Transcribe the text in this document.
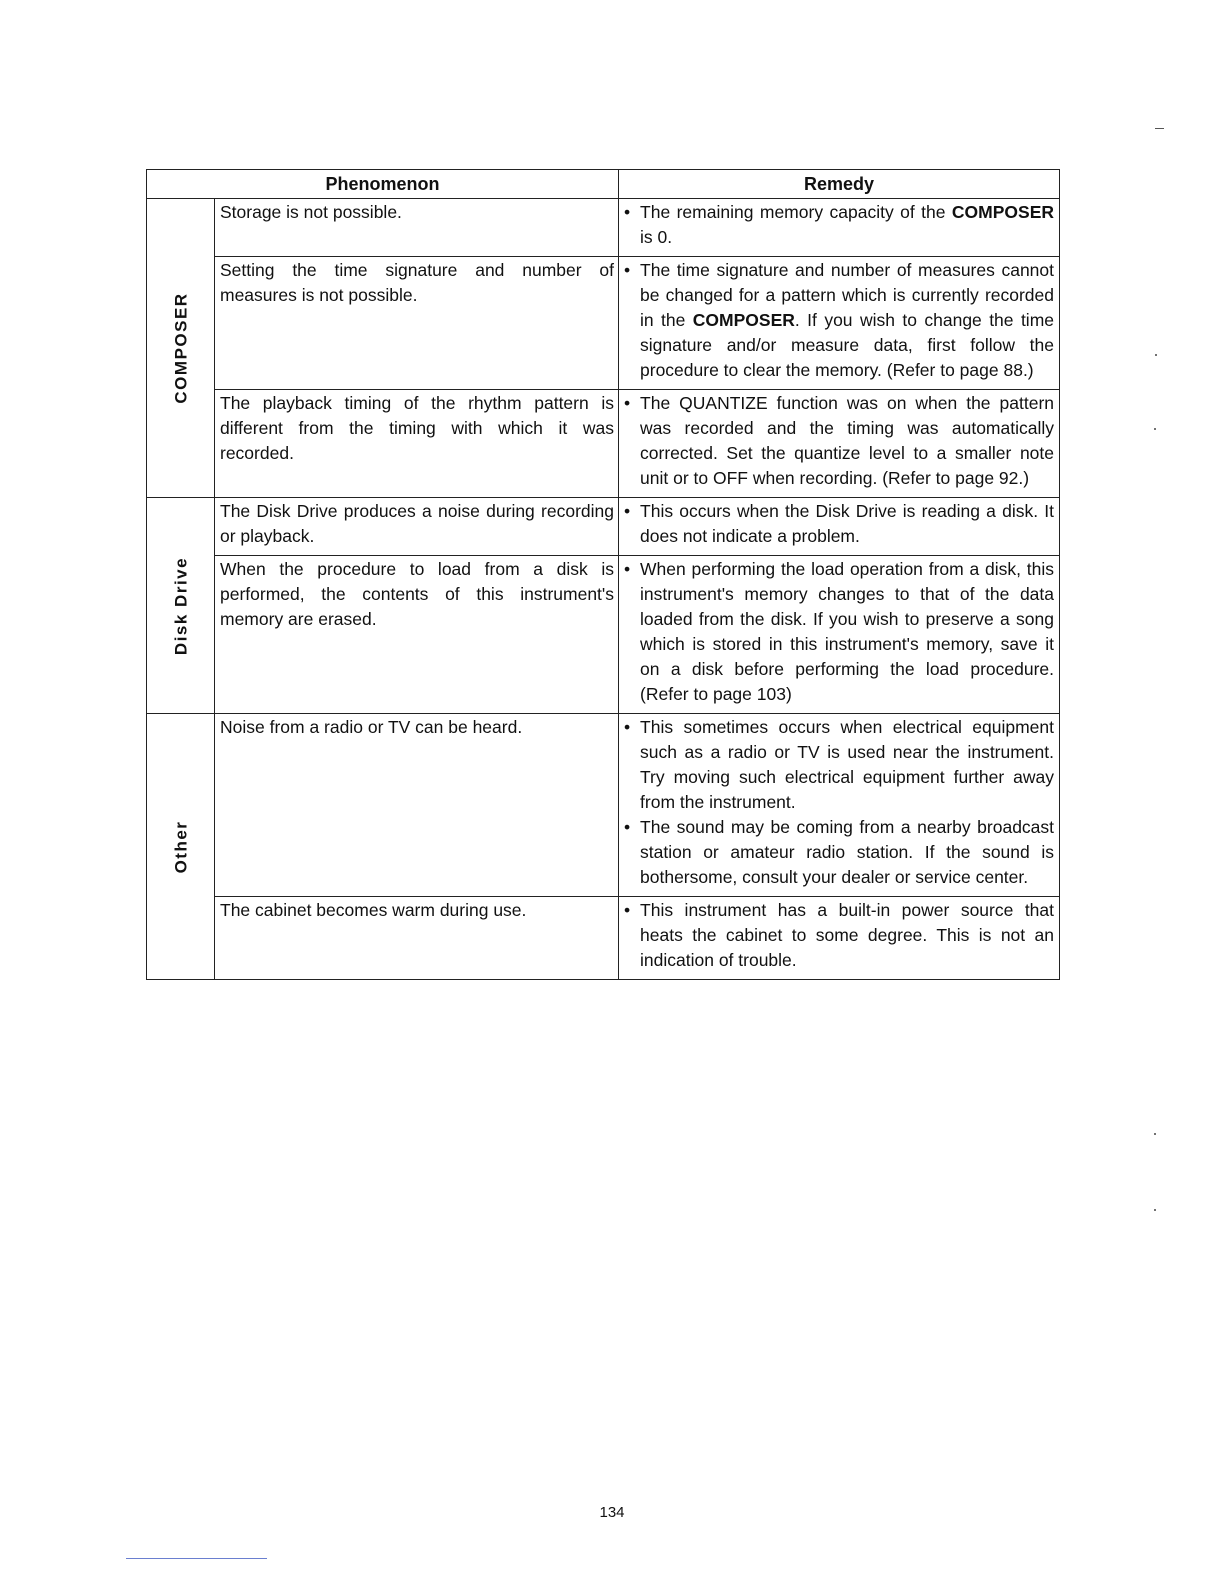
Phenomenon		Remedy

COMPOSER	Storage is not possible.	• The remaining memory capacity of the COMPOSER is 0.

	Setting the time signature and number of measures is not possible.	• The time signature and number of measures cannot be changed for a pattern which is currently recorded in the COMPOSER. If you wish to change the time signature and/or measure data, first follow the procedure to clear the memory. (Refer to page 88.)

	The playback timing of the rhythm pattern is different from the timing with which it was recorded.	• The QUANTIZE function was on when the pattern was recorded and the timing was automatically corrected. Set the quantize level to a smaller note unit or to OFF when recording. (Refer to page 92.)

Disk Drive	The Disk Drive produces a noise during recording or playback.	• This occurs when the Disk Drive is reading a disk. It does not indicate a problem.

	When the procedure to load from a disk is performed, the contents of this instrument's memory are erased.	• When performing the load operation from a disk, this instrument's memory changes to that of the data loaded from the disk. If you wish to preserve a song which is stored in this instrument's memory, save it on a disk before performing the load procedure. (Refer to page 103)

Other	Noise from a radio or TV can be heard.	• This sometimes occurs when electrical equipment such as a radio or TV is used near the instrument. Try moving such electrical equipment further away from the instrument.
• The sound may be coming from a nearby broadcast station or amateur radio station. If the sound is bothersome, consult your dealer or service center.

	The cabinet becomes warm during use.	• This instrument has a built-in power source that heats the cabinet to some degree. This is not an indication of trouble.
134
